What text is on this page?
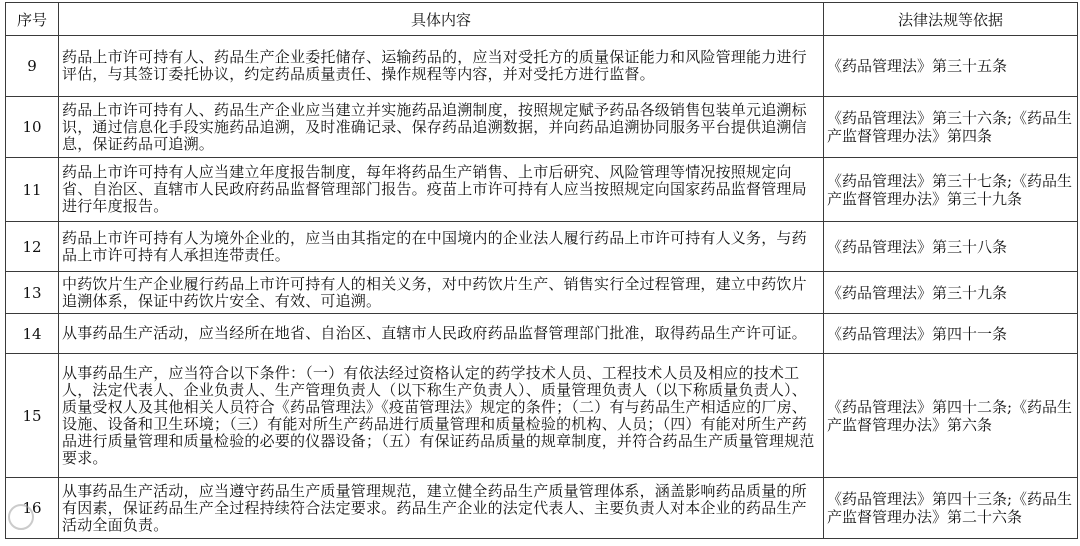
序号	具体内容	法律法规等依据
9	药品上市许可持有人、药品生产企业委托储存、运输药品的，应当对受托方的质量保证能力和风险管理能力进行评估，与其签订委托协议，约定药品质量责任、操作规程等内容，并对受托方进行监督。	《药品管理法》第三十五条
10	药品上市许可持有人、药品生产企业应当建立并实施药品追溯制度，按照规定赋予药品各级销售包装单元追溯标识，通过信息化手段实施药品追溯，及时准确记录、保存药品追溯数据，并向药品追溯协同服务平台提供追溯信息，保证药品可追溯。	《药品管理法》第三十六条;《药品生产监督管理办法》第四条
11	药品上市许可持有人应当建立年度报告制度，每年将药品生产销售、上市后研究、风险管理等情况按照规定向省、自治区、直辖市人民政府药品监督管理部门报告。疫苗上市许可持有人应当按照规定向国家药品监督管理局进行年度报告。	《药品管理法》第三十七条;《药品生产监督管理办法》第三十九条
12	药品上市许可持有人为境外企业的，应当由其指定的在中国境内的企业法人履行药品上市许可持有人义务，与药品上市许可持有人承担连带责任。	《药品管理法》第三十八条
13	中药饮片生产企业履行药品上市许可持有人的相关义务，对中药饮片生产、销售实行全过程管理，建立中药饮片追溯体系，保证中药饮片安全、有效、可追溯。	《药品管理法》第三十九条
14	从事药品生产活动，应当经所在地省、自治区、直辖市人民政府药品监督管理部门批准，取得药品生产许可证。	《药品管理法》第四十一条
15	从事药品生产，应当符合以下条件：（一）有依法经过资格认定的药学技术人员、工程技术人员及相应的技术工人，法定代表人、企业负责人、生产管理负责人（以下称生产负责人）、质量管理负责人（以下称质量负责人）、质量受权人及其他相关人员符合《药品管理法》《疫苗管理法》规定的条件；（二）有与药品生产相适应的厂房、设施、设备和卫生环境；（三）有能对所生产药品进行质量管理和质量检验的机构、人员；（四）有能对所生产药品进行质量管理和质量检验的必要的仪器设备；（五）有保证药品质量的规章制度，并符合药品生产质量管理规范要求。	《药品管理法》第四十二条;《药品生产监督管理办法》第六条
16	从事药品生产活动，应当遵守药品生产质量管理规范，建立健全药品生产质量管理体系，涵盖影响药品质量的所有因素，保证药品生产全过程持续符合法定要求。药品生产企业的法定代表人、主要负责人对本企业的药品生产活动全面负责。	《药品管理法》第四十三条;《药品生产监督管理办法》第二十六条
